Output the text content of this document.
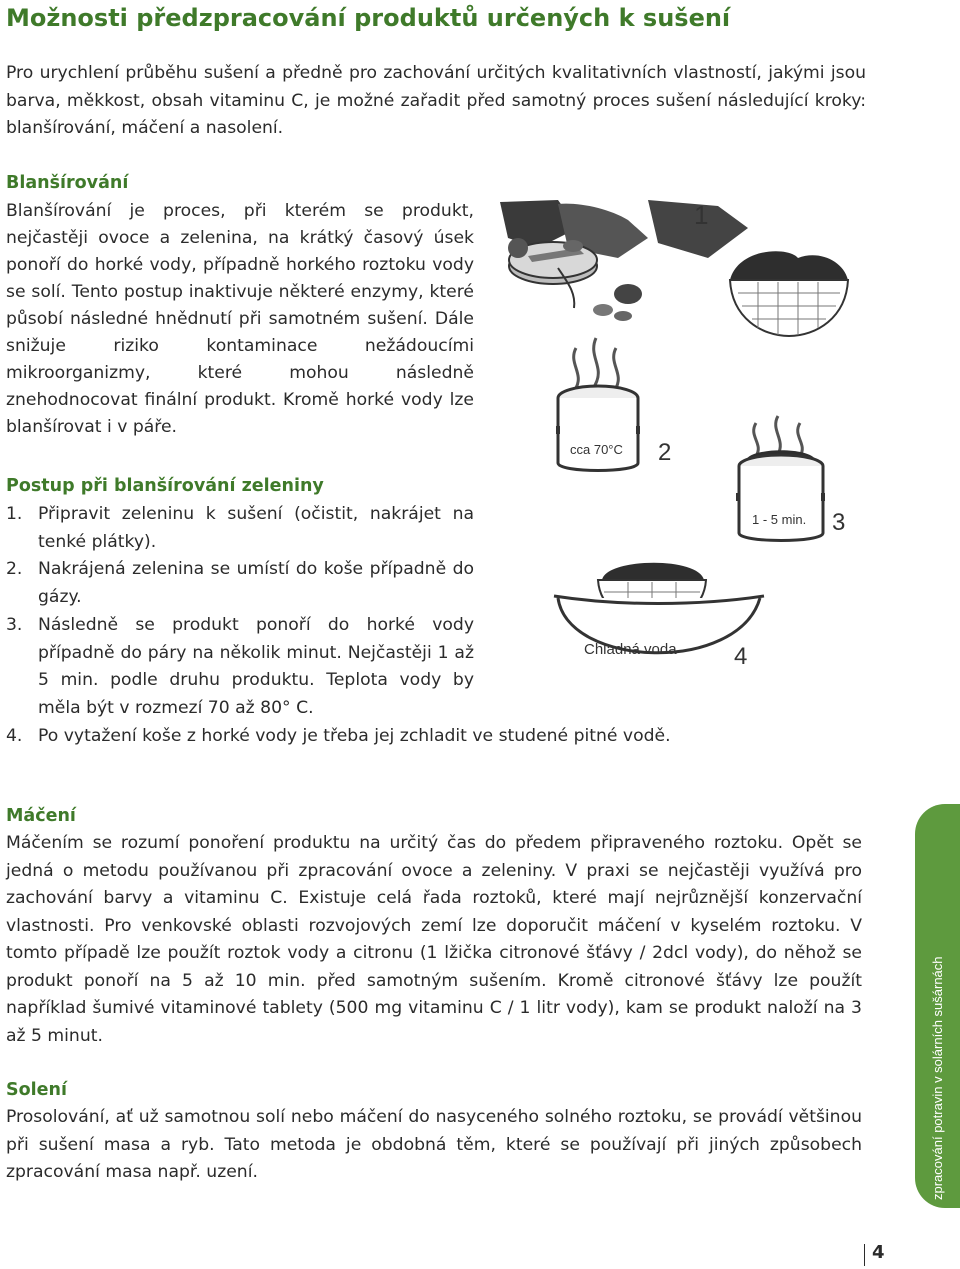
Možnosti předzpracování produktů určených k sušení

Pro urychlení průběhu sušení a předně pro zachování určitých kvalitativních vlastností, jakými jsou barva, měkkost, obsah vitaminu C, je možné zařadit před samotný proces sušení následující kroky: blanšírování, máčení a nasolení.

Blanšírování

Blanšírování je proces, při kterém se produkt, nejčastěji ovoce a zelenina, na krátký časový úsek ponoří do horké vody, případně horkého roztoku vody se solí. Tento postup inaktivuje některé enzymy, které působí následné hnědnutí při samotném sušení. Dále snižuje riziko kontaminace nežádoucími mikroorganizmy, které mohou následně znehodnocovat finální produkt. Kromě horké vody lze blanšírovat i v páře.

1
cca 70°C 2
1 - 5 min. 3
Chladná voda 4
Postup při blanšírování zeleniny
1. Připravit zeleninu k sušení (očistit, nakrájet na tenké plátky).
2. Nakrájená zelenina se umístí do koše případně do gázy.
3. Následně se produkt ponoří do horké vody případně do páry na několik minut. Nejčastěji 1 až 5 min. podle druhu produktu. Teplota vody by měla být v rozmezí 70 až 80° C.
4. Po vytažení koše z horké vody je třeba jej zchladit ve studené pitné vodě.
Máčení

Máčením se rozumí ponoření produktu na určitý čas do předem připraveného roztoku. Opět se jedná o metodu používanou při zpracování ovoce a zeleniny. V praxi se nejčastěji využívá pro zachování barvy a vitaminu C. Existuje celá řada roztoků, které mají nejrůznější konzervační vlastnosti. Pro venkovské oblasti rozvojových zemí lze doporučit máčení v kyselém roztoku. V tomto případě lze použít roztok vody a citronu (1 lžička citronové šťávy / 2dcl vody), do něhož se produkt ponoří na 5 až 10 min. před samotným sušením. Kromě citronové šťávy lze použít například šumivé vitaminové tablety (500 mg vitaminu C / 1 litr vody), kam se produkt naloží na 3 až 5 minut.

Solení

Prosolování, ať už samotnou solí nebo máčení do nasyceného solného roztoku, se provádí většinou při sušení masa a ryb. Tato metoda je obdobná těm, které se používají při jiných způsobech zpracování masa např. uzení.	zpracování potravin v solárních sušárnách
4
